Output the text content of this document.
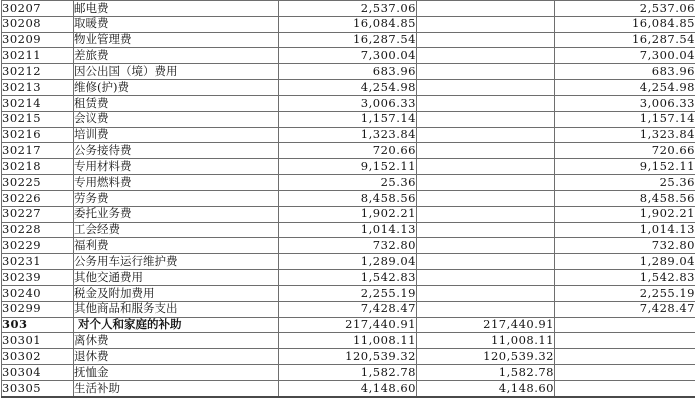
30207	邮电费	2,537.06		2,537.06
30208	取暖费	16,084.85		16,084.85
30209	物业管理费	16,287.54		16,287.54
30211	差旅费	7,300.04		7,300.04
30212	因公出国（境）费用	683.96		683.96
30213	维修(护)费	4,254.98		4,254.98
30214	租赁费	3,006.33		3,006.33
30215	会议费	1,157.14		1,157.14
30216	培训费	1,323.84		1,323.84
30217	公务接待费	720.66		720.66
30218	专用材料费	9,152.11		9,152.11
30225	专用燃料费	25.36		25.36
30226	劳务费	8,458.56		8,458.56
30227	委托业务费	1,902.21		1,902.21
30228	工会经费	1,014.13		1,014.13
30229	福利费	732.80		732.80
30231	公务用车运行维护费	1,289.04		1,289.04
30239	其他交通费用	1,542.83		1,542.83
30240	税金及附加费用	2,255.19		2,255.19
30299	其他商品和服务支出	7,428.47		7,428.47
303	对个人和家庭的补助	217,440.91	217,440.91	
30301	离休费	11,008.11	11,008.11	
30302	退休费	120,539.32	120,539.32	
30304	抚恤金	1,582.78	1,582.78	
30305	生活补助	4,148.60	4,148.60	
